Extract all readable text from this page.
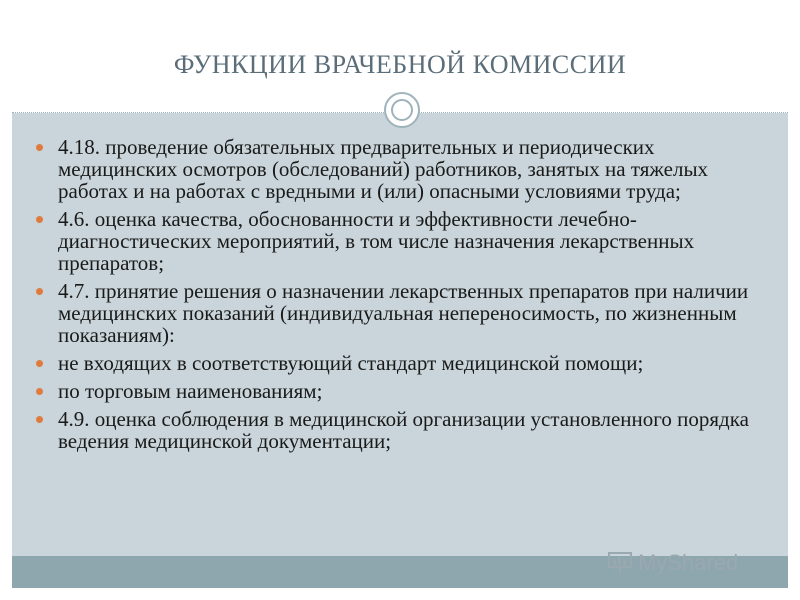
ФУНКЦИИ ВРАЧЕБНОЙ КОМИССИИ
4.18. проведение обязательных предварительных и периодических медицинских осмотров (обследований) работников, занятых на тяжелых работах и на работах с вредными и (или) опасными условиями труда;
4.6. оценка качества, обоснованности и эффективности лечебно-диагностических мероприятий, в том числе назначения лекарственных препаратов;
4.7. принятие решения о назначении лекарственных препаратов при наличии медицинских показаний (индивидуальная непереносимость, по жизненным показаниям):
не входящих в соответствующий стандарт медицинской помощи;
по торговым наименованиям;
4.9. оценка соблюдения в медицинской организации установленного порядка ведения медицинской документации;
MyShared
